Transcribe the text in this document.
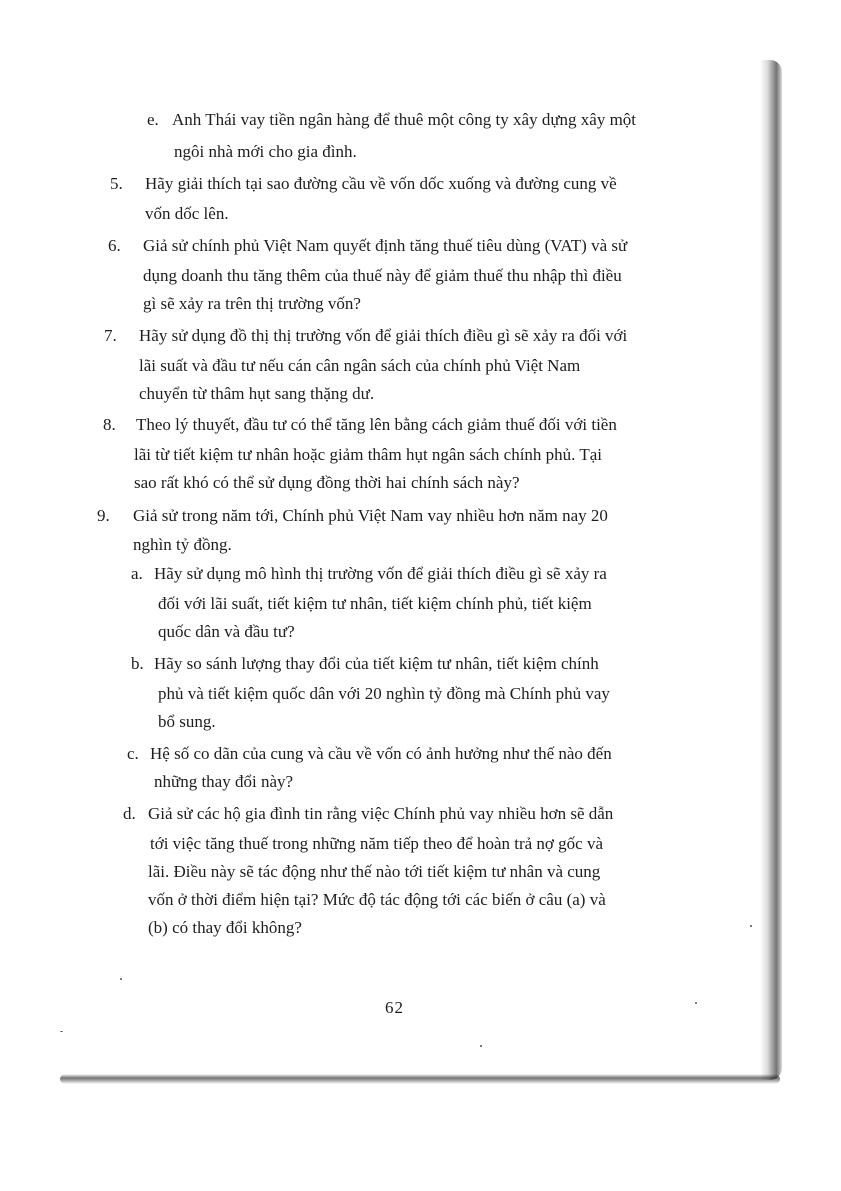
e. Anh Thái vay tiền ngân hàng để thuê một công ty xây dựng xây một

ngôi nhà mới cho gia đình.

5. Hãy giải thích tại sao đường cầu về vốn dốc xuống và đường cung về

vốn dốc lên.

6. Giả sử chính phủ Việt Nam quyết định tăng thuế tiêu dùng (VAT) và sử

dụng doanh thu tăng thêm của thuế này để giảm thuế thu nhập thì điều

gì sẽ xảy ra trên thị trường vốn?

7. Hãy sử dụng đồ thị thị trường vốn để giải thích điều gì sẽ xảy ra đối với

lãi suất và đầu tư nếu cán cân ngân sách của chính phủ Việt Nam

chuyển từ thâm hụt sang thặng dư.

8. Theo lý thuyết, đầu tư có thể tăng lên bằng cách giảm thuế đối với tiền

lãi từ tiết kiệm tư nhân hoặc giảm thâm hụt ngân sách chính phủ. Tại

sao rất khó có thể sử dụng đồng thời hai chính sách này?

9. Giả sử trong năm tới, Chính phủ Việt Nam vay nhiều hơn năm nay 20

nghìn tỷ đồng.

a. Hãy sử dụng mô hình thị trường vốn để giải thích điều gì sẽ xảy ra

đối với lãi suất, tiết kiệm tư nhân, tiết kiệm chính phủ, tiết kiệm

quốc dân và đầu tư?

b. Hãy so sánh lượng thay đổi của tiết kiệm tư nhân, tiết kiệm chính

phủ và tiết kiệm quốc dân với 20 nghìn tỷ đồng mà Chính phủ vay

bổ sung.

c. Hệ số co dãn của cung và cầu về vốn có ảnh hưởng như thế nào đến

những thay đổi này?

d. Giả sử các hộ gia đình tin rằng việc Chính phủ vay nhiều hơn sẽ dẫn

tới việc tăng thuế trong những năm tiếp theo để hoàn trả nợ gốc và

lãi. Điều này sẽ tác động như thế nào tới tiết kiệm tư nhân và cung

vốn ở thời điểm hiện tại? Mức độ tác động tới các biến ở câu (a) và

(b) có thay đổi không?

62
